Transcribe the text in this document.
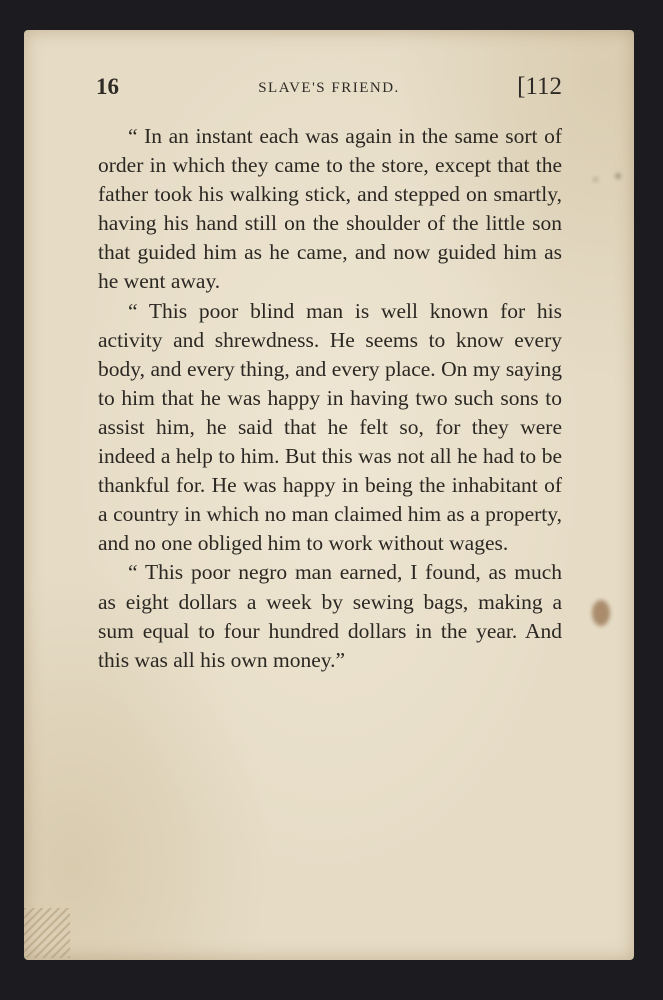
16	SLAVE'S FRIEND.	[112

“ In an instant each was again in the same sort of order in which they came to the store, except that the father took his walking stick, and stepped on smartly, having his hand still on the shoulder of the little son that guided him as he came, and now guided him as he went away.

“ This poor blind man is well known for his activity and shrewdness. He seems to know every body, and every thing, and every place. On my saying to him that he was happy in having two such sons to assist him, he said that he felt so, for they were indeed a help to him. But this was not all he had to be thankful for. He was happy in being the inhabitant of a country in which no man claimed him as a property, and no one obliged him to work without wages.

“ This poor negro man earned, I found, as much as eight dollars a week by sewing bags, making a sum equal to four hundred dollars in the year. And this was all his own money.”
